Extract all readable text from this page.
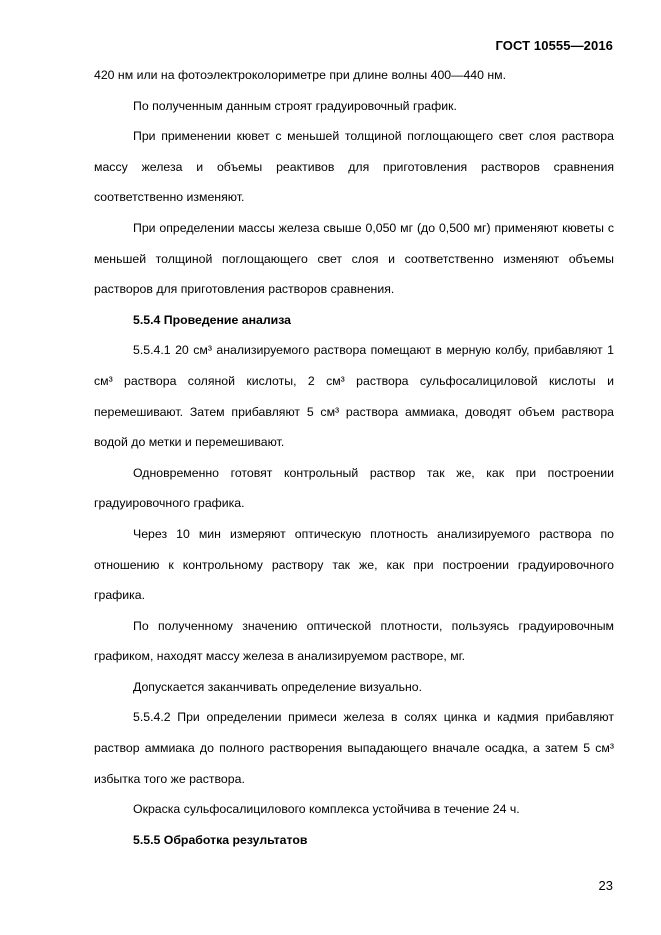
ГОСТ 10555—2016

420 нм или на фотоэлектроколориметре при длине волны 400—440 нм.

По полученным данным строят градуировочный график.

При применении кювет с меньшей толщиной поглощающего свет слоя раствора массу железа и объемы реактивов для приготовления растворов сравнения соответственно изменяют.

При определении массы железа свыше 0,050 мг (до 0,500 мг) применяют кюветы с меньшей толщиной поглощающего свет слоя и соответственно изменяют объемы растворов для приготовления растворов сравнения.

5.5.4 Проведение анализа

5.5.4.1 20 см³ анализируемого раствора помещают в мерную колбу, прибавляют 1 см³ раствора соляной кислоты, 2 см³ раствора сульфосалициловой кислоты и перемешивают. Затем прибавляют 5 см³ раствора аммиака, доводят объем раствора водой до метки и перемешивают.

Одновременно готовят контрольный раствор так же, как при построении градуировочного графика.

Через 10 мин измеряют оптическую плотность анализируемого раствора по отношению к контрольному раствору так же, как при построении градуировочного графика.

По полученному значению оптической плотности, пользуясь градуировочным графиком, находят массу железа в анализируемом растворе, мг.

Допускается заканчивать определение визуально.

5.5.4.2 При определении примеси железа в солях цинка и кадмия прибавляют раствор аммиака до полного растворения выпадающего вначале осадка, а затем 5 см³ избытка того же раствора.

Окраска сульфосалицилового комплекса устойчива в течение 24 ч.

5.5.5 Обработка результатов

23
